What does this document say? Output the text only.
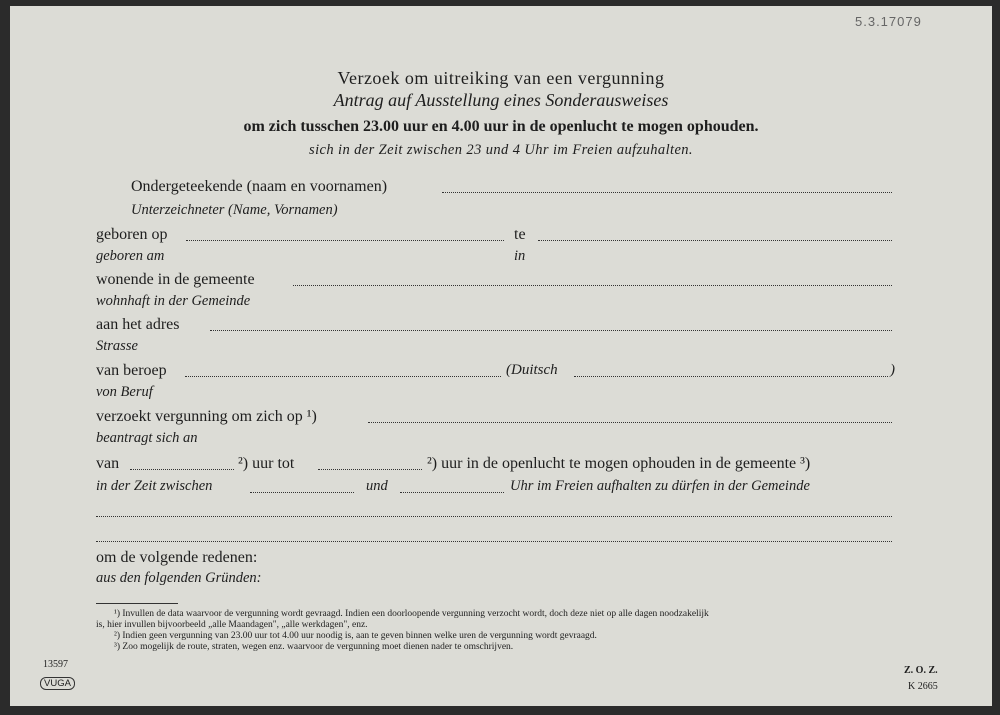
5.3.17079
Verzoek om uitreiking van een vergunning
Antrag auf Ausstellung eines Sonderausweises
om zich tusschen 23.00 uur en 4.00 uur in de openlucht te mogen ophouden.
sich in der Zeit zwischen 23 und 4 Uhr im Freien aufzuhalten.
Ondergeteekende (naam en voornamen)
Unterzeichneter (Name, Vornamen)
geboren op	te
geboren am	in
wonende in de gemeente
wohnhaft in der Gemeinde
aan het adres
Strasse
van beroep	(Duitsch	)
von Beruf
verzoekt vergunning om zich op ¹)
beantragt sich an
van	²) uur tot	²) uur in de openlucht te mogen ophouden in de gemeente ³)
in der Zeit zwischen	und	Uhr im Freien aufhalten zu dürfen in der Gemeinde
om de volgende redenen:
aus den folgenden Gründen:
¹) Invullen de data waarvoor de vergunning wordt gevraagd. Indien een doorloopende vergunning verzocht wordt, doch deze niet op alle dagen noodzakelijk
is, hier invullen bijvoorbeeld „alle Maandagen", „alle werkdagen", enz.
²) Indien geen vergunning van 23.00 uur tot 4.00 uur noodig is, aan te geven binnen welke uren de vergunning wordt gevraagd.
³) Zoo mogelijk de route, straten, wegen enz. waarvoor de vergunning moet dienen nader te omschrijven.
13597
VUGA
Z. O. Z.
K 2665
